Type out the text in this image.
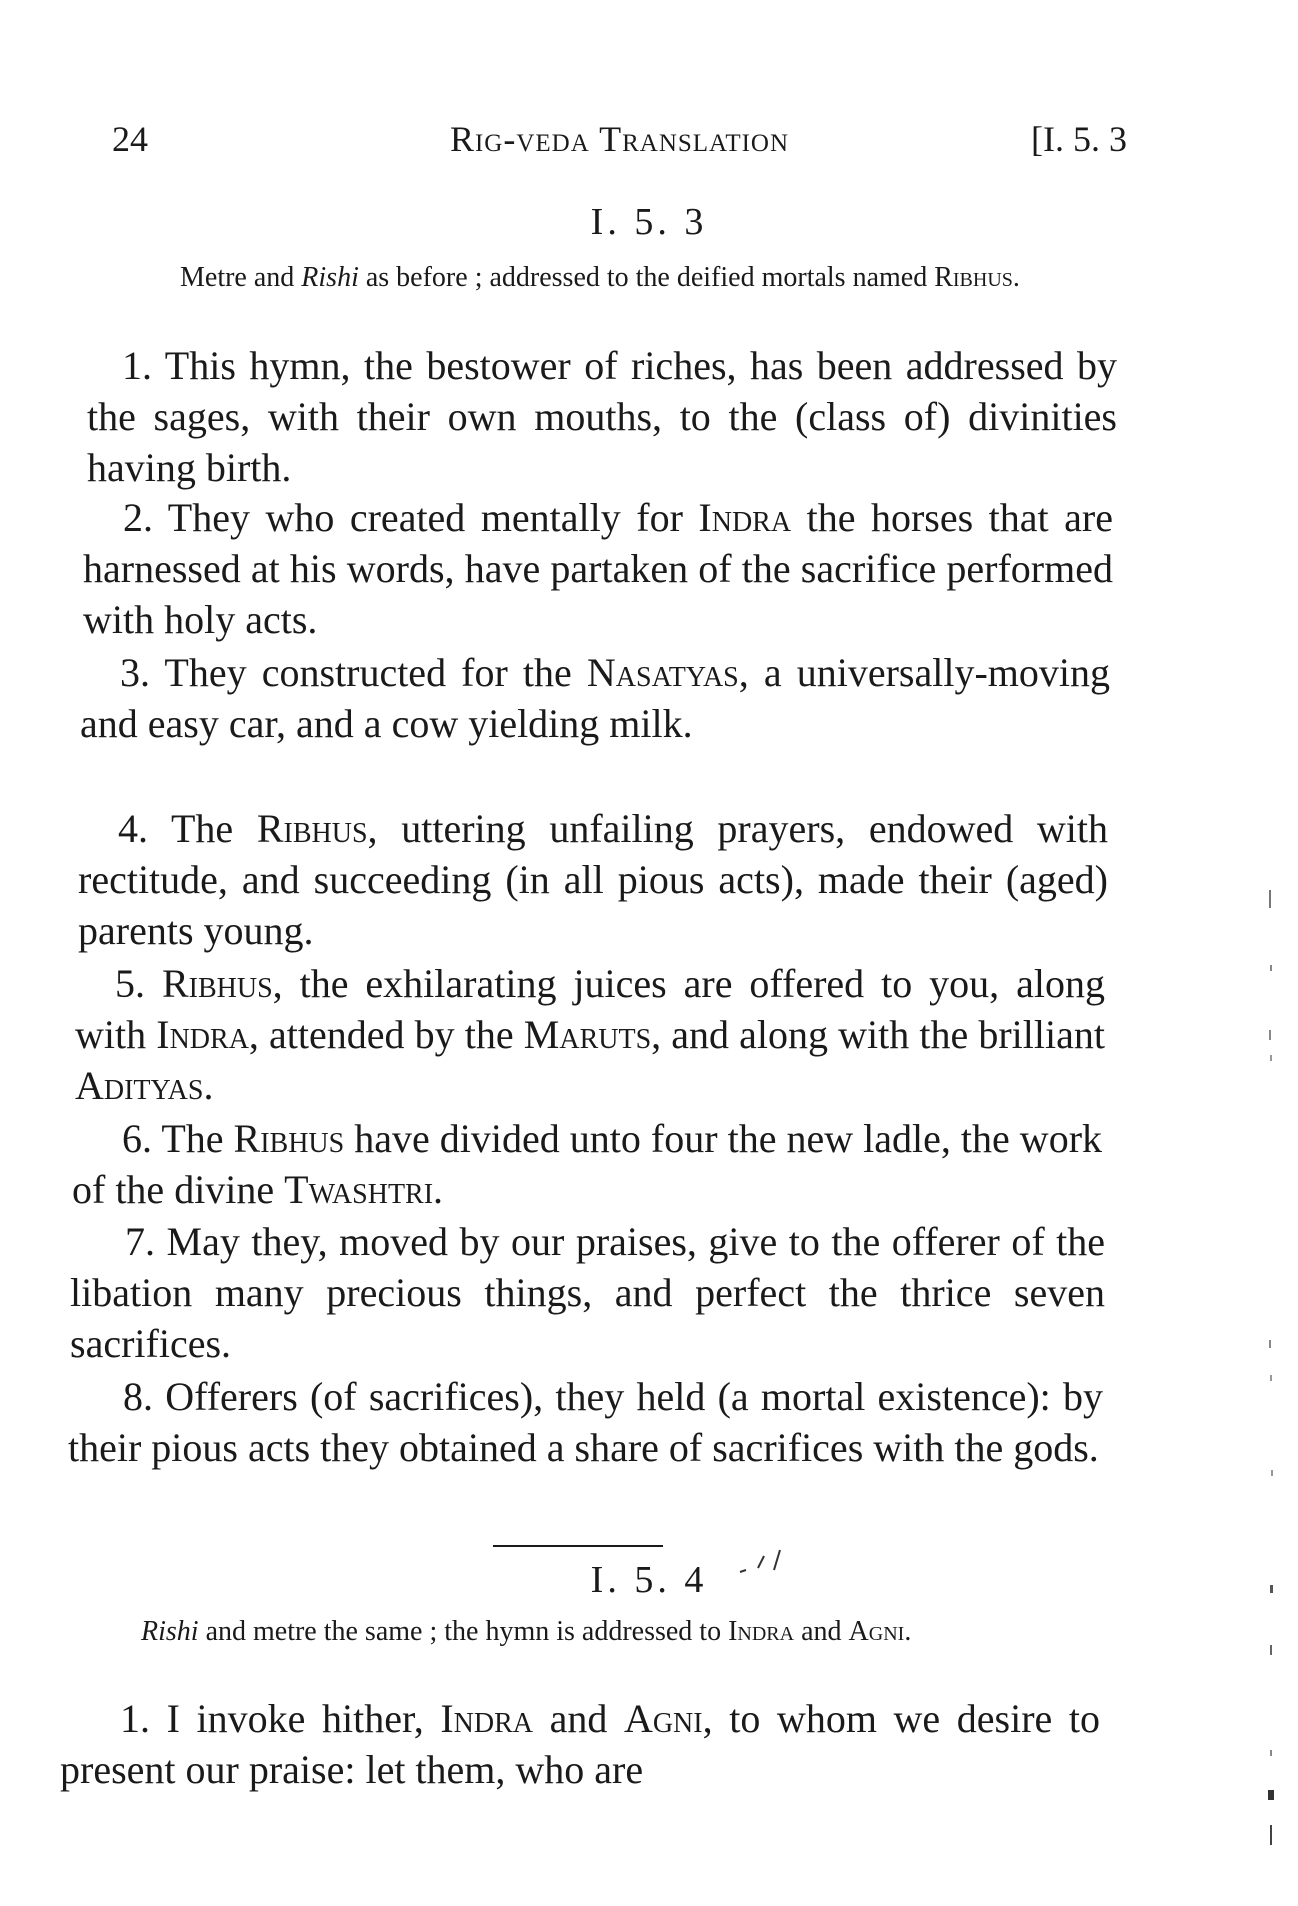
24	Rig-veda Translation	[I. 5. 3
I. 5. 3
Metre and Rishi as before ; addressed to the deified mortals named Ribhus.
1. This hymn, the bestower of riches, has been addressed by the sages, with their own mouths, to the (class of) divinities having birth.
2. They who created mentally for Indra the horses that are harnessed at his words, have partaken of the sacrifice performed with holy acts.
3. They constructed for the Nasatyas, a universally-moving and easy car, and a cow yielding milk.
4. The Ribhus, uttering unfailing prayers, endowed with rectitude, and succeeding (in all pious acts), made their (aged) parents young.
5. Ribhus, the exhilarating juices are offered to you, along with Indra, attended by the Maruts, and along with the brilliant Adityas.
6. The Ribhus have divided unto four the new ladle, the work of the divine Twashtri.
7. May they, moved by our praises, give to the offerer of the libation many precious things, and perfect the thrice seven sacrifices.
8. Offerers (of sacrifices), they held (a mortal existence): by their pious acts they obtained a share of sacrifices with the gods.
I. 5. 4
Rishi and metre the same ; the hymn is addressed to Indra and Agni.
1. I invoke hither, Indra and Agni, to whom we desire to present our praise: let them, who are
